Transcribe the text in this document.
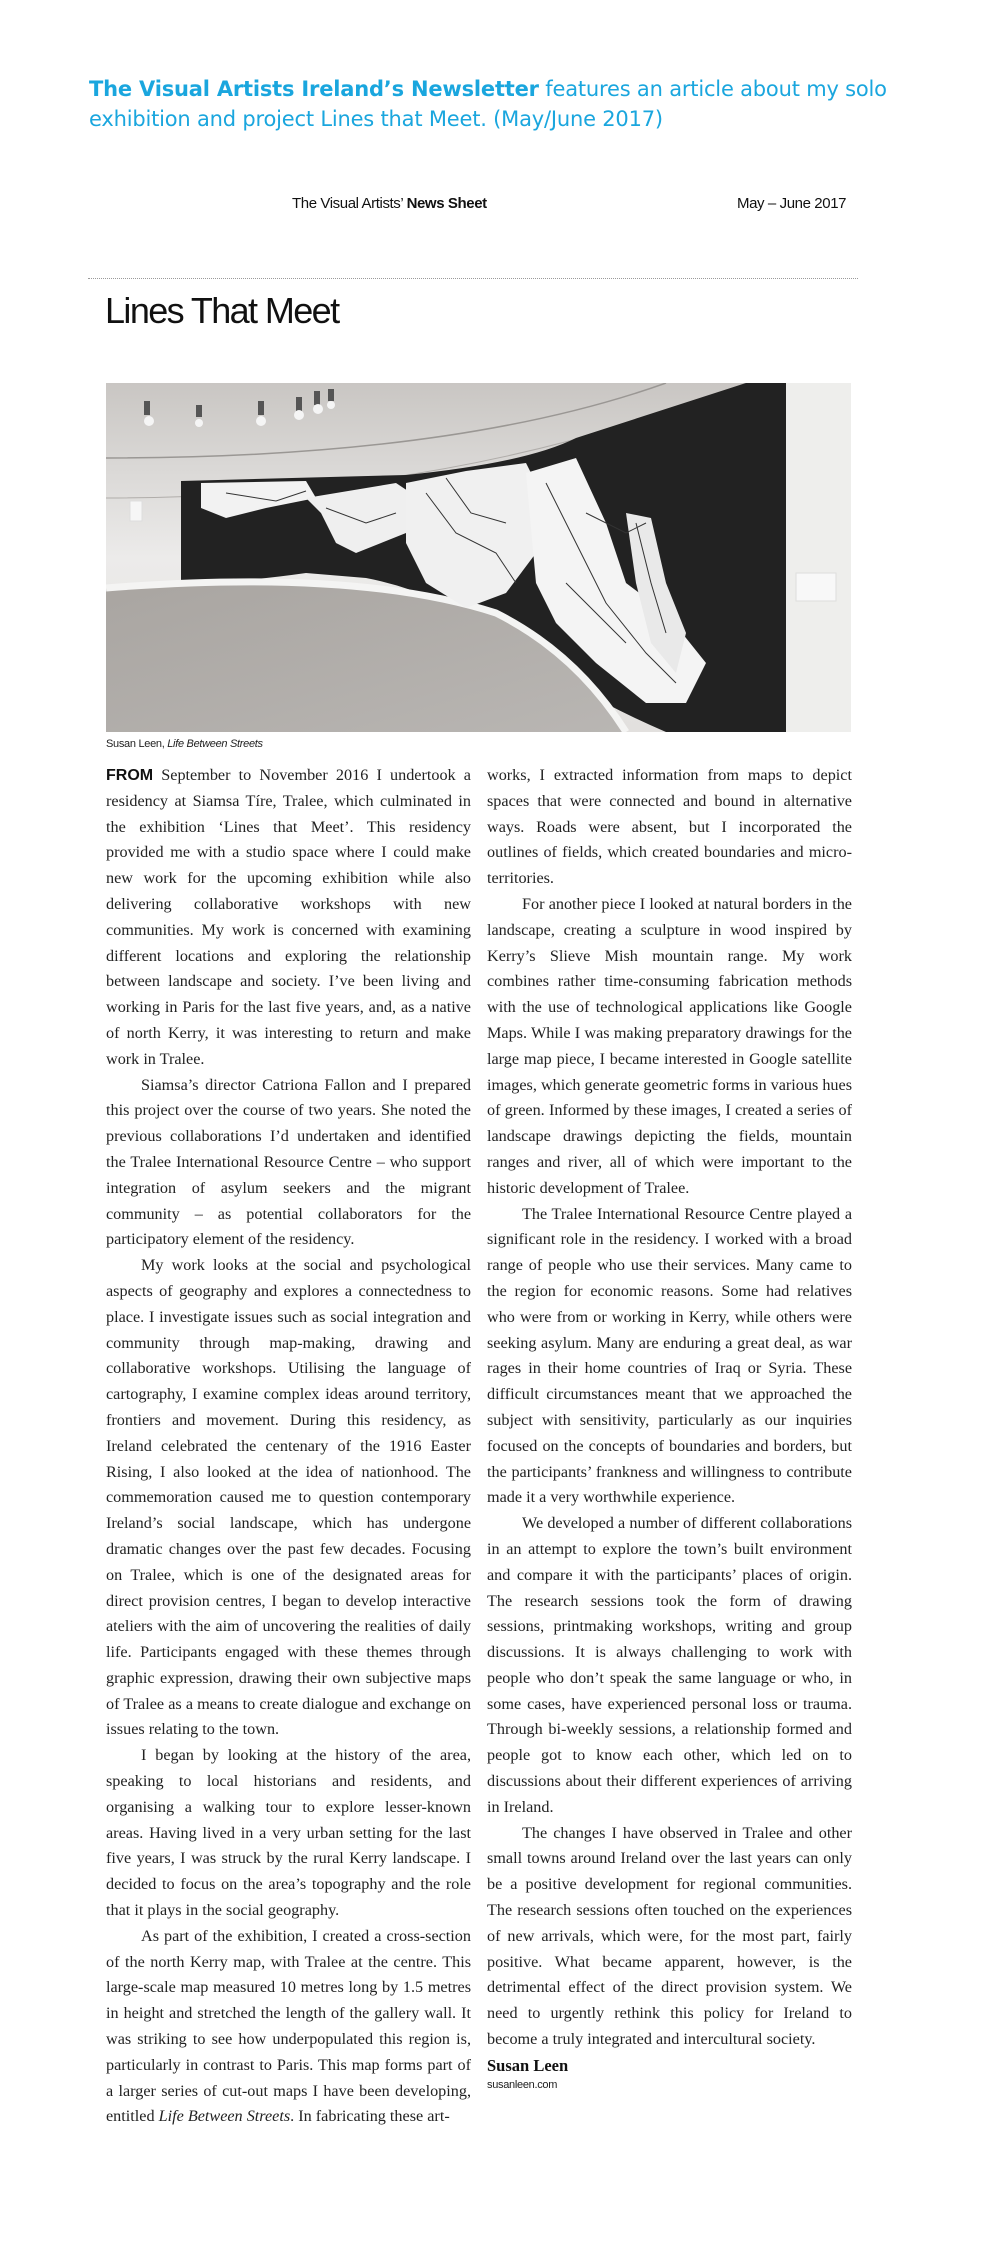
The Visual Artists Ireland’s Newsletter features an article about my solo exhibition and project Lines that Meet. (May/June 2017)
The Visual Artists’ News Sheet	May – June 2017
Lines That Meet
Susan Leen, Life Between Streets

FROM September to November 2016 I undertook a residency at Siamsa Tíre, Tralee, which culminated in the exhibition ‘Lines that Meet’. This residency provided me with a studio space where I could make new work for the upcoming exhibition while also delivering collaborative workshops with new communities. My work is concerned with examining different locations and exploring the relationship between landscape and society. I’ve been living and working in Paris for the last five years, and, as a native of north Kerry, it was interesting to return and make work in Tralee.

Siamsa’s director Catriona Fallon and I prepared this project over the course of two years. She noted the previous collaborations I’d undertaken and identified the Tralee International Resource Centre – who support integration of asylum seekers and the migrant community – as potential collaborators for the participatory element of the residency.

My work looks at the social and psychological aspects of geography and explores a connectedness to place. I investigate issues such as social integration and community through map-making, drawing and collaborative workshops. Utilising the language of cartography, I examine complex ideas around territory, frontiers and movement. During this residency, as Ireland celebrated the centenary of the 1916 Easter Rising, I also looked at the idea of nationhood. The commemoration caused me to question contemporary Ireland’s social landscape, which has undergone dramatic changes over the past few decades. Focusing on Tralee, which is one of the designated areas for direct provision centres, I began to develop interactive ateliers with the aim of uncovering the realities of daily life. Participants engaged with these themes through graphic expression, drawing their own subjective maps of Tralee as a means to create dialogue and exchange on issues relating to the town.

I began by looking at the history of the area, speaking to local historians and residents, and organising a walking tour to explore lesser-known areas. Having lived in a very urban setting for the last five years, I was struck by the rural Kerry landscape. I decided to focus on the area’s topography and the role that it plays in the social geography.

As part of the exhibition, I created a cross-section of the north Kerry map, with Tralee at the centre. This large-scale map measured 10 metres long by 1.5 metres in height and stretched the length of the gallery wall. It was striking to see how underpopulated this region is, particularly in contrast to Paris. This map forms part of a larger series of cut-out maps I have been developing, entitled Life Between Streets. In fabricating these art-

works, I extracted information from maps to depict spaces that were connected and bound in alternative ways. Roads were absent, but I incorporated the outlines of fields, which created boundaries and micro-territories.

For another piece I looked at natural borders in the landscape, creating a sculpture in wood inspired by Kerry’s Slieve Mish mountain range. My work combines rather time-consuming fabrication methods with the use of technological applications like Google Maps. While I was making preparatory drawings for the large map piece, I became interested in Google satellite images, which generate geometric forms in various hues of green. Informed by these images, I created a series of landscape drawings depicting the fields, mountain ranges and river, all of which were important to the historic development of Tralee.

The Tralee International Resource Centre played a significant role in the residency. I worked with a broad range of people who use their services. Many came to the region for economic reasons. Some had relatives who were from or working in Kerry, while others were seeking asylum. Many are enduring a great deal, as war rages in their home countries of Iraq or Syria. These difficult circumstances meant that we approached the subject with sensitivity, particularly as our inquiries focused on the concepts of boundaries and borders, but the participants’ frankness and willingness to contribute made it a very worthwhile experience.

We developed a number of different collaborations in an attempt to explore the town’s built environment and compare it with the participants’ places of origin. The research sessions took the form of drawing sessions, printmaking workshops, writing and group discussions. It is always challenging to work with people who don’t speak the same language or who, in some cases, have experienced personal loss or trauma. Through bi-weekly sessions, a relationship formed and people got to know each other, which led on to discussions about their different experiences of arriving in Ireland.

The changes I have observed in Tralee and other small towns around Ireland over the last years can only be a positive development for regional communities. The research sessions often touched on the experiences of new arrivals, which were, for the most part, fairly positive. What became apparent, however, is the detrimental effect of the direct provision system. We need to urgently rethink this policy for Ireland to become a truly integrated and intercultural society.

Susan Leen
susanleen.com
